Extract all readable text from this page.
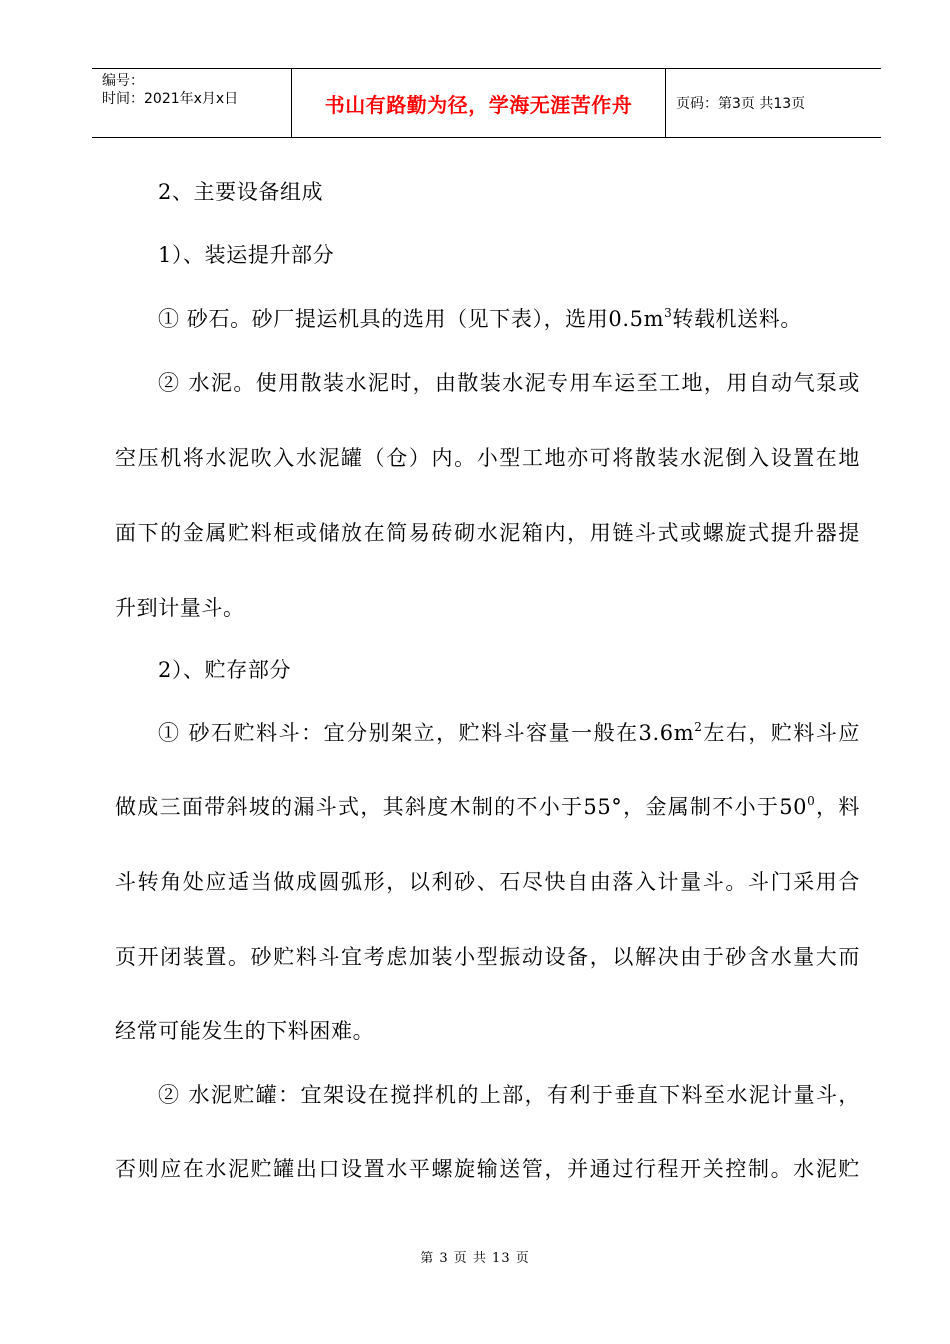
编号：
时间：2021年x月x日	书山有路勤为径，学海无涯苦作舟	页码：第3页 共13页
2、主要设备组成
1）、装运提升部分
① 砂石。砂厂提运机具的选用（见下表），选用$0.5m^3$转载机送料。
② 水泥。使用散装水泥时，由散装水泥专用车运至工地，用自动气泵或
空压机将水泥吹入水泥罐（仓）内。小型工地亦可将散装水泥倒入设置在地
面下的金属贮料柜或储放在简易砖砌水泥箱内，用链斗式或螺旋式提升器提
升到计量斗。
2）、贮存部分
① 砂石贮料斗：宜分别架立，贮料斗容量一般在$3.6m^2$左右，贮料斗应
做成三面带斜坡的漏斗式，其斜度木制的不小于55°，金属制不小于$50^0$，料
斗转角处应适当做成圆弧形，以利砂、石尽快自由落入计量斗。斗门采用合
页开闭装置。砂贮料斗宜考虑加装小型振动设备，以解决由于砂含水量大而
经常可能发生的下料困难。
② 水泥贮罐：宜架设在搅拌机的上部，有利于垂直下料至水泥计量斗，
否则应在水泥贮罐出口设置水平螺旋输送管，并通过行程开关控制。水泥贮
第 3 页 共 13 页
